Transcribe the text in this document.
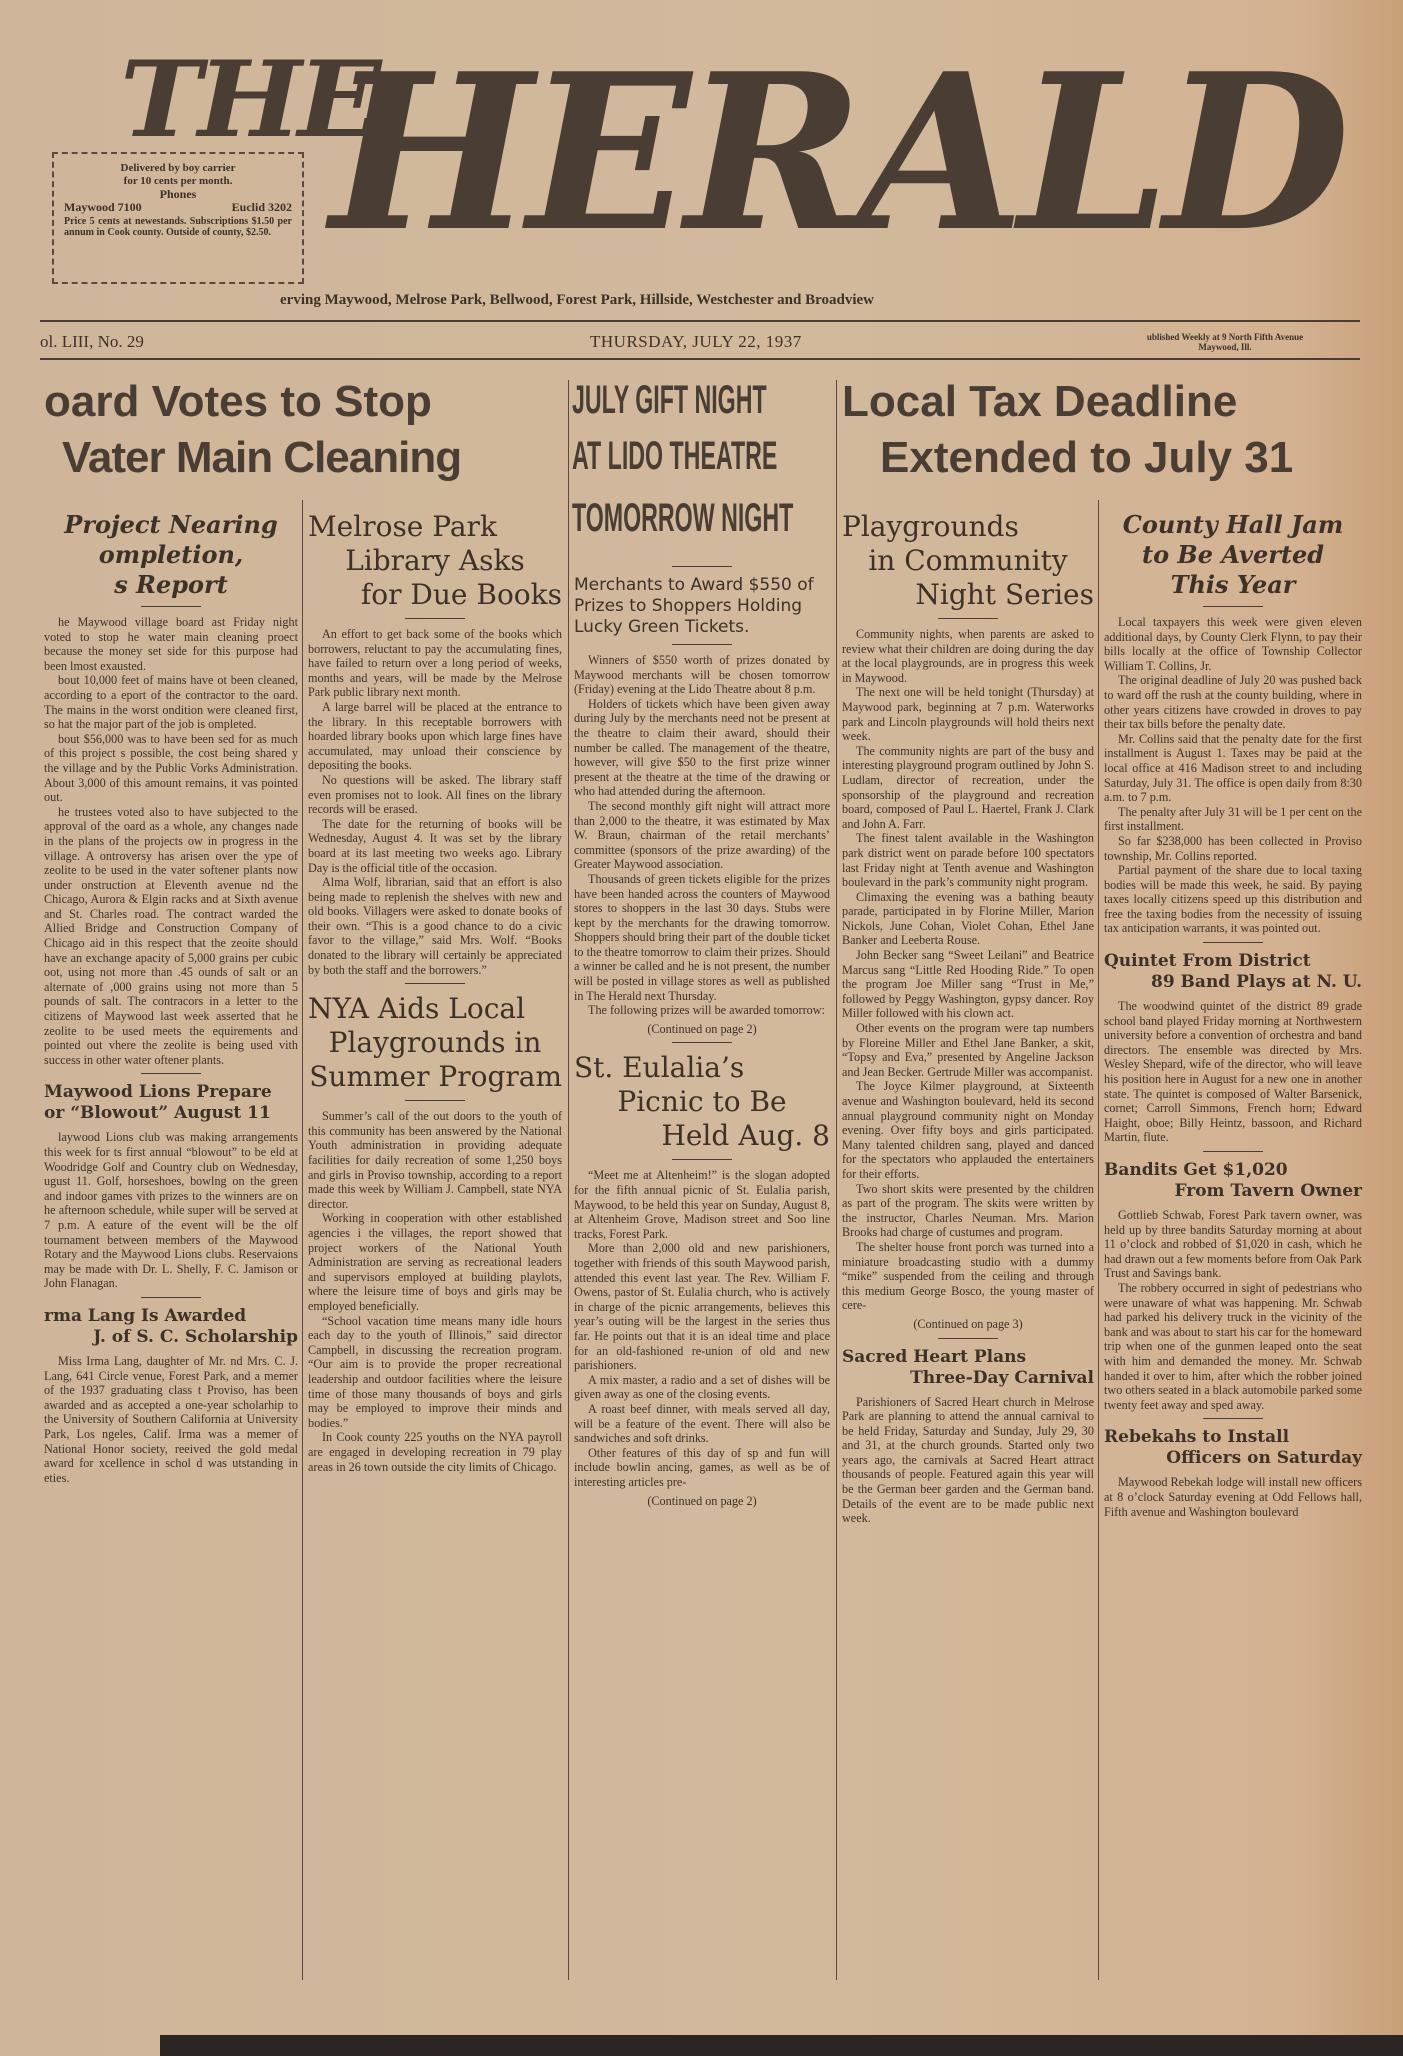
THE
HERALD
Delivered by boy carrier
for 10 cents per month.
Phones
Maywood 7100	Euclid 3202
Price 5 cents at newestands. Subscriptions $1.50 per annum in Cook county. Outside of county, $2.50.
erving Maywood, Melrose Park, Bellwood, Forest Park, Hillside, Westchester and Broadview
ol. LIII, No. 29	THURSDAY, JULY 22, 1937	ublished Weekly at 9 North Fifth Avenue
Maywood, Ill.
oard Votes to Stop
Vater Main Cleaning
JULY GIFT NIGHT
AT LIDO THEATRE
TOMORROW NIGHT
Local Tax Deadline
Extended to July 31
Project Nearing
ompletion,
s Report

he Maywood village board ast Friday night voted to stop he water main cleaning proect because the money set side for this purpose had been lmost exausted.

bout 10,000 feet of mains have ot been cleaned, according to a eport of the contractor to the oard. The mains in the worst ondition were cleaned first, so hat the major part of the job is ompleted.

bout $56,000 was to have been sed for as much of this project s possible, the cost being shared y the village and by the Public Vorks Administration. About 3,000 of this amount remains, it vas pointed out.

he trustees voted also to have subjected to the approval of the oard as a whole, any changes nade in the plans of the projects ow in progress in the village. A ontroversy has arisen over the ype of zeolite to be used in the vater softener plants now under onstruction at Eleventh avenue nd the Chicago, Aurora & Elgin racks and at Sixth avenue and St. Charles road. The contract warded the Allied Bridge and Construction Company of Chicago aid in this respect that the zeoite should have an exchange apacity of 5,000 grains per cubic oot, using not more than .45 ounds of salt or an alternate of ,000 grains using not more than 5 pounds of salt. The contracors in a letter to the citizens of Maywood last week asserted that he zeolite to be used meets the equirements and pointed out vhere the zeolite is being used vith success in other water oftener plants.

Maywood Lions Prepare
or “Blowout” August 11

laywood Lions club was making arrangements this week for ts first annual “blowout” to be eld at Woodridge Golf and Country club on Wednesday, ugust 11. Golf, horseshoes, bowlng on the green and indoor games vith prizes to the winners are on he afternoon schedule, while super will be served at 7 p.m. A eature of the event will be the olf tournament between members of the Maywood Rotary and the Maywood Lions clubs. Reservaions may be made with Dr. L. Shelly, F. C. Jamison or John Flanagan.

rma Lang Is Awarded
J. of S. C. Scholarship

Miss Irma Lang, daughter of Mr. nd Mrs. C. J. Lang, 641 Circle venue, Forest Park, and a memer of the 1937 graduating class t Proviso, has been awarded and as accepted a one-year scholarhip to the University of Southern California at University Park, Los ngeles, Calif. Irma was a memer of National Honor society, reeived the gold medal award for xcellence in schol d was utstanding in eties.

Melrose Park
Library Asks
for Due Books

An effort to get back some of the books which borrowers, reluctant to pay the accumulating fines, have failed to return over a long period of weeks, months and years, will be made by the Melrose Park public library next month.

A large barrel will be placed at the entrance to the library. In this receptable borrowers with hoarded library books upon which large fines have accumulated, may unload their conscience by depositing the books.

No questions will be asked. The library staff even promises not to look. All fines on the library records will be erased.

The date for the returning of books will be Wednesday, August 4. It was set by the library board at its last meeting two weeks ago. Library Day is the official title of the occasion.

Alma Wolf, librarian, said that an effort is also being made to replenish the shelves with new and old books. Villagers were asked to donate books of their own. “This is a good chance to do a civic favor to the village,” said Mrs. Wolf. “Books donated to the library will certainly be appreciated by both the staff and the borrowers.”

NYA Aids Local
Playgrounds in
Summer Program

Summer’s call of the out doors to the youth of this community has been answered by the National Youth administration in providing adequate facilities for daily recreation of some 1,250 boys and girls in Proviso township, according to a report made this week by William J. Campbell, state NYA director.

Working in cooperation with other established agencies i the villages, the report showed that project workers of the National Youth Administration are serving as recreational leaders and supervisors employed at building playlots, where the leisure time of boys and girls may be employed beneficially.

“School vacation time means many idle hours each day to the youth of Illinois,” said director Campbell, in discussing the recreation program. “Our aim is to provide the proper recreational leadership and outdoor facilities where the leisure time of those many thousands of boys and girls may be employed to improve their minds and bodies.”

In Cook county 225 youths on the NYA payroll are engaged in developing recreation in 79 play areas in 26 town outside the city limits of Chicago.

Merchants to Award $550 of Prizes to Shoppers Holding Lucky Green Tickets.

Winners of $550 worth of prizes donated by Maywood merchants will be chosen tomorrow (Friday) evening at the Lido Theatre about 8 p.m.

Holders of tickets which have been given away during July by the merchants need not be present at the theatre to claim their award, should their number be called. The management of the theatre, however, will give $50 to the first prize winner present at the theatre at the time of the drawing or who had attended during the afternoon.

The second monthly gift night will attract more than 2,000 to the theatre, it was estimated by Max W. Braun, chairman of the retail merchants’ committee (sponsors of the prize awarding) of the Greater Maywood association.

Thousands of green tickets eligible for the prizes have been handed across the counters of Maywood stores to shoppers in the last 30 days. Stubs were kept by the merchants for the drawing tomorrow. Shoppers should bring their part of the double ticket to the theatre tomorrow to claim their prizes. Should a winner be called and he is not present, the number will be posted in village stores as well as published in The Herald next Thursday.

The following prizes will be awarded tomorrow:

(Continued on page 2)

St. Eulalia’s
Picnic to Be
Held Aug. 8

“Meet me at Altenheim!” is the slogan adopted for the fifth annual picnic of St. Eulalia parish, Maywood, to be held this year on Sunday, August 8, at Altenheim Grove, Madison street and Soo line tracks, Forest Park.

More than 2,000 old and new parishioners, together with friends of this south Maywood parish, attended this event last year. The Rev. William F. Owens, pastor of St. Eulalia church, who is actively in charge of the picnic arrangements, believes this year’s outing will be the largest in the series thus far. He points out that it is an ideal time and place for an old-fashioned re-union of old and new parishioners.

A mix master, a radio and a set of dishes will be given away as one of the closing events.

A roast beef dinner, with meals served all day, will be a feature of the event. There will also be sandwiches and soft drinks.

Other features of this day of sp and fun will include bowlin ancing, games, as well as be of interesting articles pre-

(Continued on page 2)

Playgrounds
in Community
Night Series

Community nights, when parents are asked to review what their children are doing during the day at the local playgrounds, are in progress this week in Maywood.

The next one will be held tonight (Thursday) at Maywood park, beginning at 7 p.m. Waterworks park and Lincoln playgrounds will hold theirs next week.

The community nights are part of the busy and interesting playground program outlined by John S. Ludlam, director of recreation, under the sponsorship of the playground and recreation board, composed of Paul L. Haertel, Frank J. Clark and John A. Farr.

The finest talent available in the Washington park district went on parade before 100 spectators last Friday night at Tenth avenue and Washington boulevard in the park’s community night program.

Climaxing the evening was a bathing beauty parade, participated in by Florine Miller, Marion Nickols, June Cohan, Violet Cohan, Ethel Jane Banker and Leeberta Rouse.

John Becker sang “Sweet Leilani” and Beatrice Marcus sang “Little Red Hooding Ride.” To open the program Joe Miller sang “Trust in Me,” followed by Peggy Washington, gypsy dancer. Roy Miller followed with his clown act.

Other events on the program were tap numbers by Floreine Miller and Ethel Jane Banker, a skit, “Topsy and Eva,” presented by Angeline Jackson and Jean Becker. Gertrude Miller was accompanist.

The Joyce Kilmer playground, at Sixteenth avenue and Washington boulevard, held its second annual playground community night on Monday evening. Over fifty boys and girls participated. Many talented children sang, played and danced for the spectators who applauded the entertainers for their efforts.

Two short skits were presented by the children as part of the program. The skits were written by the instructor, Charles Neuman. Mrs. Marion Brooks had charge of custumes and program.

The shelter house front porch was turned into a miniature broadcasting studio with a dummy “mike” suspended from the ceiling and through this medium George Bosco, the young master of cere-

(Continued on page 3)

Sacred Heart Plans
Three-Day Carnival

Parishioners of Sacred Heart church in Melrose Park are planning to attend the annual carnival to be held Friday, Saturday and Sunday, July 29, 30 and 31, at the church grounds. Started only two years ago, the carnivals at Sacred Heart attract thousands of people. Featured again this year will be the German beer garden and the German band. Details of the event are to be made public next week.

County Hall Jam
to Be Averted
This Year

Local taxpayers this week were given eleven additional days, by County Clerk Flynn, to pay their bills locally at the office of Township Collector William T. Collins, Jr.

The original deadline of July 20 was pushed back to ward off the rush at the county building, where in other years citizens have crowded in droves to pay their tax bills before the penalty date.

Mr. Collins said that the penalty date for the first installment is August 1. Taxes may be paid at the local office at 416 Madison street to and including Saturday, July 31. The office is open daily from 8:30 a.m. to 7 p.m.

The penalty after July 31 will be 1 per cent on the first installment.

So far $238,000 has been collected in Proviso township, Mr. Collins reported.

Partial payment of the share due to local taxing bodies will be made this week, he said. By paying taxes locally citizens speed up this distribution and free the taxing bodies from the necessity of issuing tax anticipation warrants, it was pointed out.

Quintet From District
89 Band Plays at N. U.

The woodwind quintet of the district 89 grade school band played Friday morning at Northwestern university before a convention of orchestra and band directors. The ensemble was directed by Mrs. Wesley Shepard, wife of the director, who will leave his position here in August for a new one in another state. The quintet is composed of Walter Barsenick, cornet; Carroll Simmons, French horn; Edward Haight, oboe; Billy Heintz, bassoon, and Richard Martin, flute.

Bandits Get $1,020
From Tavern Owner

Gottlieb Schwab, Forest Park tavern owner, was held up by three bandits Saturday morning at about 11 o’clock and robbed of $1,020 in cash, which he had drawn out a few moments before from Oak Park Trust and Savings bank.

The robbery occurred in sight of pedestrians who were unaware of what was happening. Mr. Schwab had parked his delivery truck in the vicinity of the bank and was about to start his car for the homeward trip when one of the gunmen leaped onto the seat with him and demanded the money. Mr. Schwab handed it over to him, after which the robber joined two others seated in a black automobile parked some twenty feet away and sped away.

Rebekahs to Install
Officers on Saturday

Maywood Rebekah lodge will install new officers at 8 o’clock Saturday evening at Odd Fellows hall, Fifth avenue and Washington boulevard
